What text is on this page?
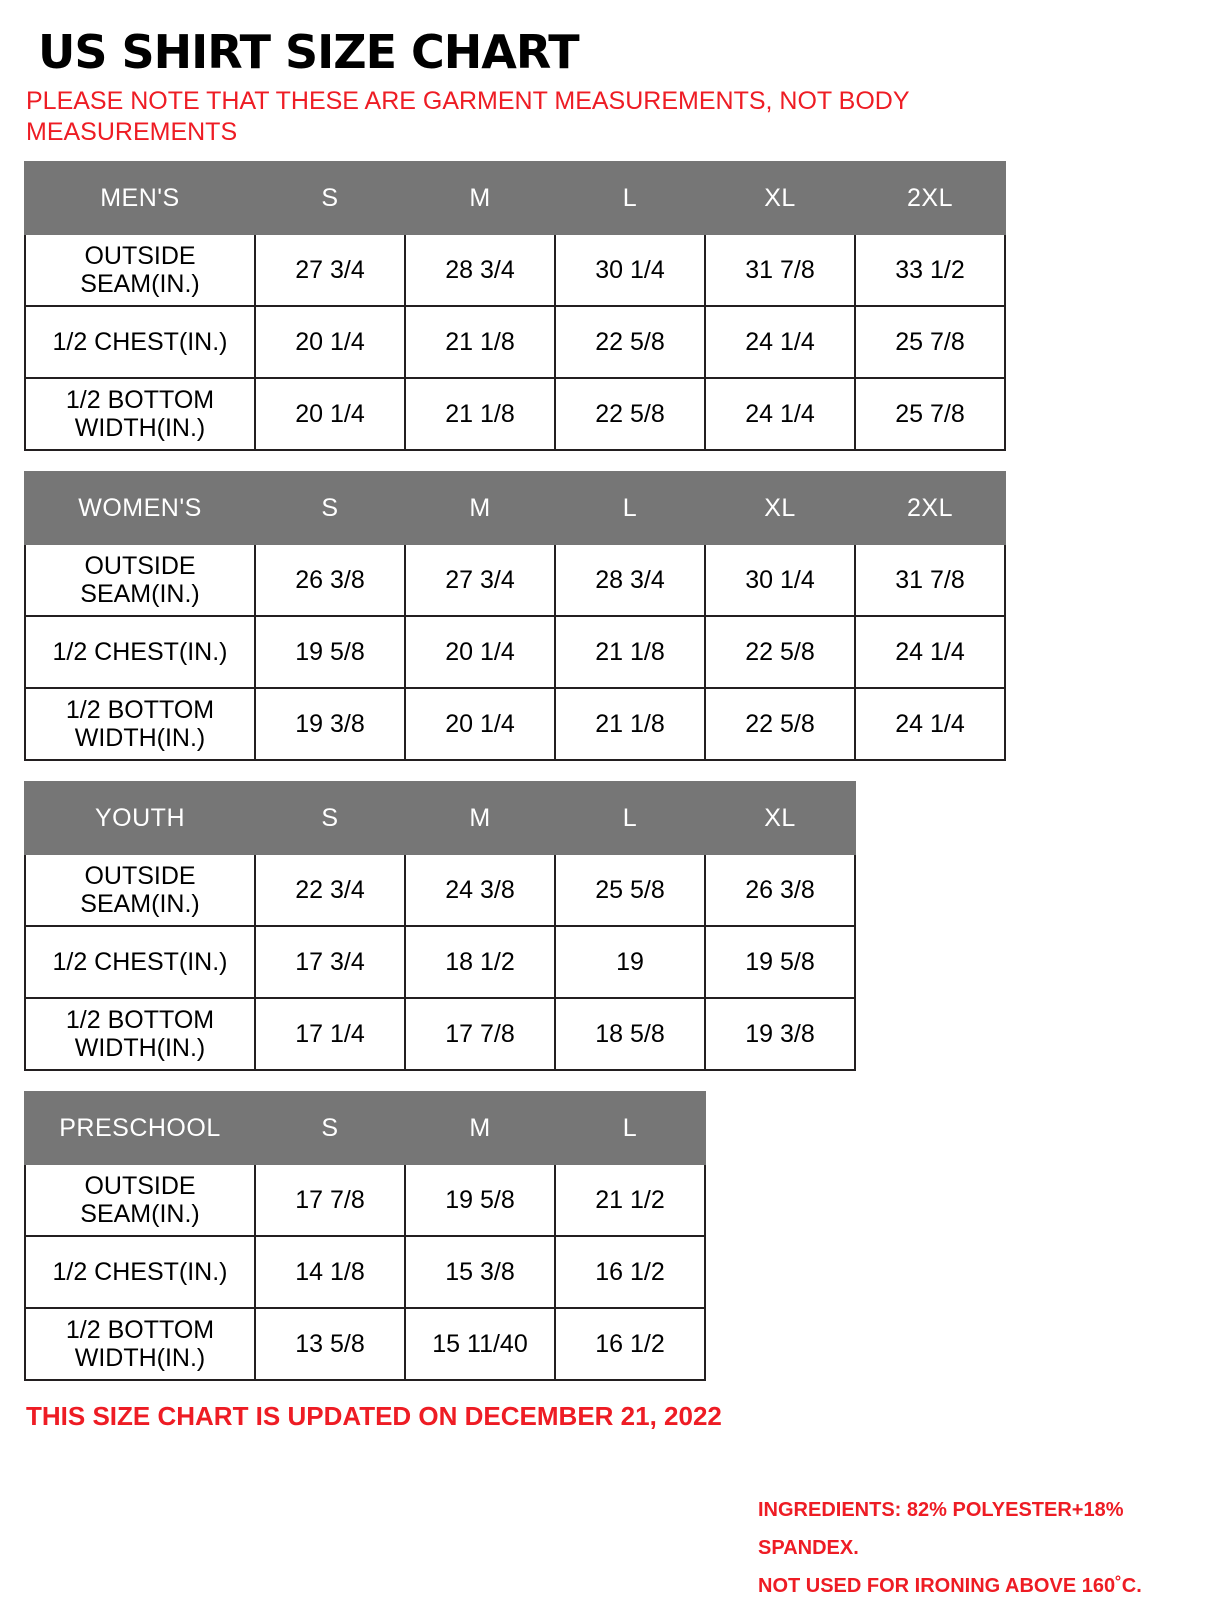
US SHIRT SIZE CHART
PLEASE NOTE THAT THESE ARE GARMENT MEASUREMENTS, NOT BODY MEASUREMENTS
MEN'S	S	M	L	XL	2XL
OUTSIDE SEAM(IN.)	27 3/4	28 3/4	30 1/4	31 7/8	33 1/2
1/2 CHEST(IN.)	20 1/4	21 1/8	22 5/8	24 1/4	25 7/8
1/2 BOTTOM WIDTH(IN.)	20 1/4	21 1/8	22 5/8	24 1/4	25 7/8
WOMEN'S	S	M	L	XL	2XL
OUTSIDE SEAM(IN.)	26 3/8	27 3/4	28 3/4	30 1/4	31 7/8
1/2 CHEST(IN.)	19 5/8	20 1/4	21 1/8	22 5/8	24 1/4
1/2 BOTTOM WIDTH(IN.)	19 3/8	20 1/4	21 1/8	22 5/8	24 1/4
YOUTH	S	M	L	XL
OUTSIDE SEAM(IN.)	22 3/4	24 3/8	25 5/8	26 3/8
1/2 CHEST(IN.)	17 3/4	18 1/2	19	19 5/8
1/2 BOTTOM WIDTH(IN.)	17 1/4	17 7/8	18 5/8	19 3/8
PRESCHOOL	S	M	L
OUTSIDE SEAM(IN.)	17 7/8	19 5/8	21 1/2
1/2 CHEST(IN.)	14 1/8	15 3/8	16 1/2
1/2 BOTTOM WIDTH(IN.)	13 5/8	15 11/40	16 1/2
INGREDIENTS: 82% POLYESTER+18% SPANDEX.
NOT USED FOR IRONING ABOVE 160˚C.
THIS SIZE CHART IS UPDATED ON DECEMBER 21, 2022
